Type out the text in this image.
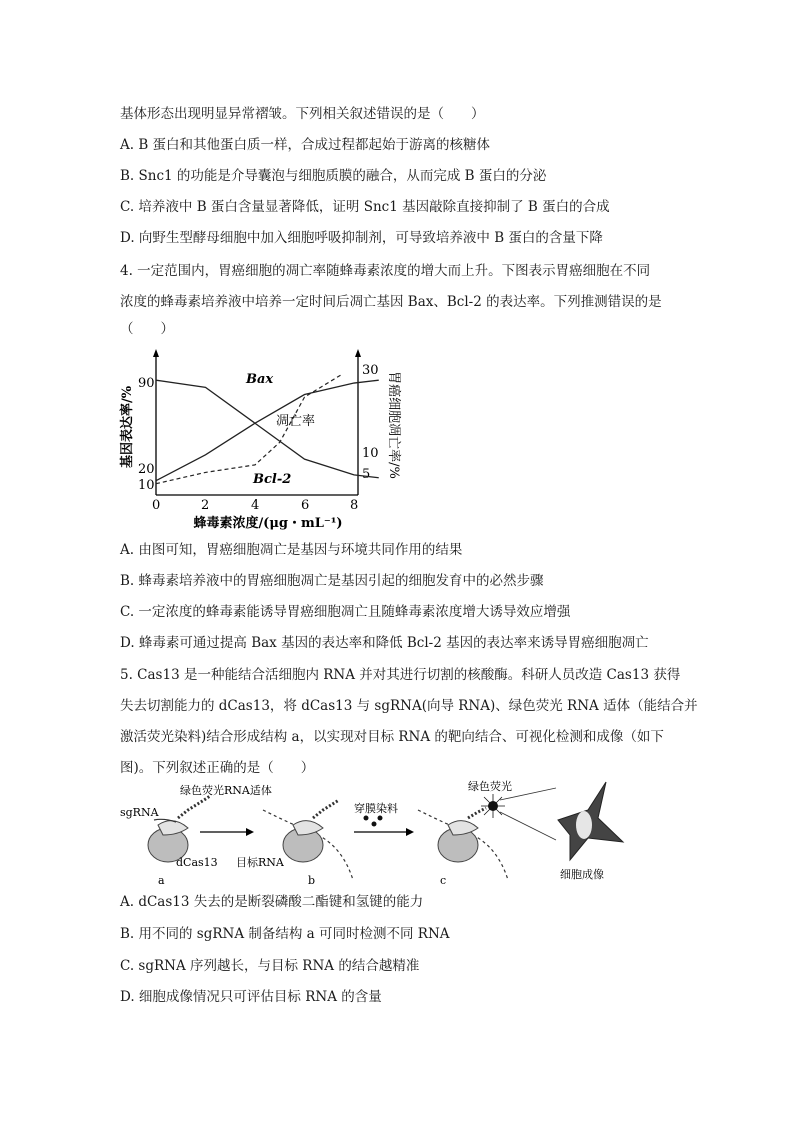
基体形态出现明显异常褶皱。下列相关叙述错误的是（　　）
A. B 蛋白和其他蛋白质一样，合成过程都起始于游离的核糖体
B. Snc1 的功能是介导囊泡与细胞质膜的融合，从而完成 B 蛋白的分泌
C. 培养液中 B 蛋白含量显著降低，证明 Snc1 基因敲除直接抑制了 B 蛋白的合成
D. 向野生型酵母细胞中加入细胞呼吸抑制剂，可导致培养液中 B 蛋白的含量下降
4. 一定范围内，胃癌细胞的凋亡率随蜂毒素浓度的增大而上升。下图表示胃癌细胞在不同
浓度的蜂毒素培养液中培养一定时间后凋亡基因 Bax、Bcl-2 的表达率。下列推测错误的是
（　　）
90
20
10
30
10
5
0	2	4	6	8
蜂毒素浓度/(μg・mL⁻¹)
基因表达率/%	胃癌细胞凋亡率/%
Bax
Bcl-2
凋亡率
A. 由图可知，胃癌细胞凋亡是基因与环境共同作用的结果
B. 蜂毒素培养液中的胃癌细胞凋亡是基因引起的细胞发育中的必然步骤
C. 一定浓度的蜂毒素能诱导胃癌细胞凋亡且随蜂毒素浓度增大诱导效应增强
D. 蜂毒素可通过提高 Bax 基因的表达率和降低 Bcl-2 基因的表达率来诱导胃癌细胞凋亡
5. Cas13 是一种能结合活细胞内 RNA 并对其进行切割的核酸酶。科研人员改造 Cas13 获得
失去切割能力的 dCas13，将 dCas13 与 sgRNA(向导 RNA)、绿色荧光 RNA 适体（能结合并
激活荧光染料)结合形成结构 a，以实现对目标 RNA 的靶向结合、可视化检测和成像（如下
图)。下列叙述正确的是（　　）
绿色荧光RNA适体
sgRNA
dCas13
a
目标RNA
b
穿膜染料
绿色荧光
c	细胞成像
A. dCas13 失去的是断裂磷酸二酯键和氢键的能力
B. 用不同的 sgRNA 制备结构 a 可同时检测不同 RNA
C. sgRNA 序列越长，与目标 RNA 的结合越精准
D. 细胞成像情况只可评估目标 RNA 的含量
